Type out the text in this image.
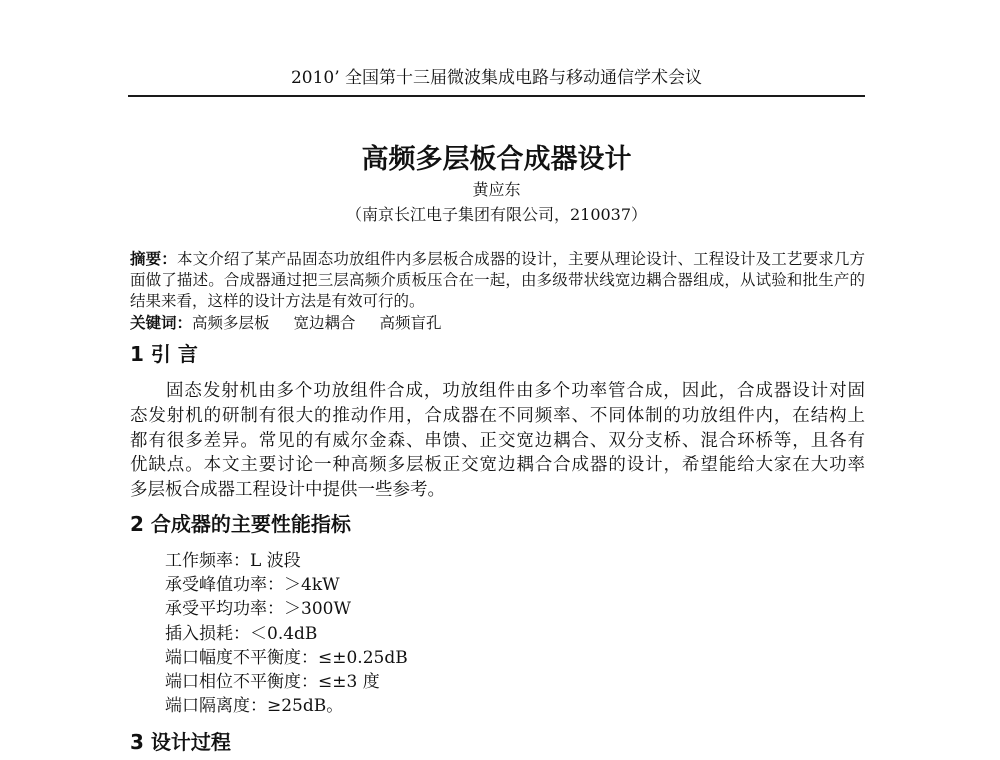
2010’ 全国第十三届微波集成电路与移动通信学术会议
高频多层板合成器设计
黄应东
（南京长江电子集团有限公司，210037）
摘要：本文介绍了某产品固态功放组件内多层板合成器的设计，主要从理论设计、工程设计及工艺要求几方
面做了描述。合成器通过把三层高频介质板压合在一起，由多级带状线宽边耦合器组成，从试验和批生产的
结果来看，这样的设计方法是有效可行的。
关键词：高频多层板 宽边耦合 高频盲孔
1 引 言
固态发射机由多个功放组件合成，功放组件由多个功率管合成，因此，合成器设计对固
态发射机的研制有很大的推动作用，合成器在不同频率、不同体制的功放组件内，在结构上
都有很多差异。常见的有威尔金森、串馈、正交宽边耦合、双分支桥、混合环桥等，且各有
优缺点。本文主要讨论一种高频多层板正交宽边耦合合成器的设计，希望能给大家在大功率
多层板合成器工程设计中提供一些参考。
2 合成器的主要性能指标
工作频率：L 波段
承受峰值功率：＞4kW
承受平均功率：＞300W
插入损耗：＜0.4dB
端口幅度不平衡度：≤±0.25dB
端口相位不平衡度：≤±3 度
端口隔离度：≥25dB。
3 设计过程
